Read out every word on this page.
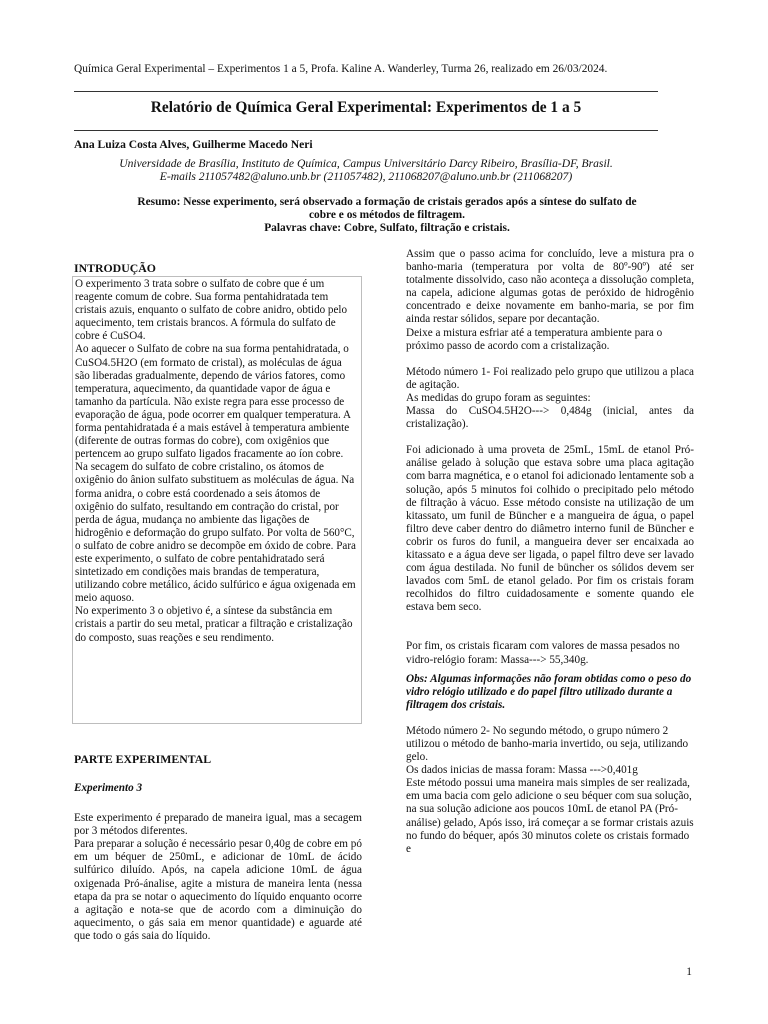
Química Geral Experimental – Experimentos 1 a 5, Profa. Kaline A. Wanderley, Turma 26, realizado em 26/03/2024.
Relatório de Química Geral Experimental: Experimentos de 1 a 5
Ana Luiza Costa Alves, Guilherme Macedo Neri
Universidade de Brasília, Instituto de Química, Campus Universitário Darcy Ribeiro, Brasília-DF, Brasil.
E-mails 211057482@aluno.unb.br (211057482), 211068207@aluno.unb.br (211068207)
Resumo: Nesse experimento, será observado a formação de cristais gerados após a síntese do sulfato de
cobre e os métodos de filtragem.
Palavras chave: Cobre, Sulfato, filtração e cristais.
INTRODUÇÃO

O experimento 3 trata sobre o sulfato de cobre que é um reagente comum de cobre. Sua forma pentahidratada tem cristais azuis, enquanto o sulfato de cobre anidro, obtido pelo aquecimento, tem cristais brancos. A fórmula do sulfato de cobre é CuSO4.

Ao aquecer o Sulfato de cobre na sua forma pentahidratada, o CuSO4.5H2O (em formato de cristal), as moléculas de água são liberadas gradualmente, dependo de vários fatores, como temperatura, aquecimento, da quantidade vapor de água e tamanho da partícula. Não existe regra para esse processo de evaporação de água, pode ocorrer em qualquer temperatura. A forma pentahidratada é a mais estável à temperatura ambiente (diferente de outras formas do cobre), com oxigênios que pertencem ao grupo sulfato ligados fracamente ao íon cobre.

Na secagem do sulfato de cobre cristalino, os átomos de oxigênio do ânion sulfato substituem as moléculas de água. Na forma anidra, o cobre está coordenado a seis átomos de oxigênio do sulfato, resultando em contração do cristal, por perda de água, mudança no ambiente das ligações de hidrogênio e deformação do grupo sulfato. Por volta de 560°C, o sulfato de cobre anidro se decompõe em óxido de cobre. Para este experimento, o sulfato de cobre pentahidratado será sintetizado em condições mais brandas de temperatura, utilizando cobre metálico, ácido sulfúrico e água oxigenada em meio aquoso.

No experimento 3 o objetivo é, a síntese da substância em cristais a partir do seu metal, praticar a filtração e cristalização do composto, suas reações e seu rendimento.

PARTE EXPERIMENTAL
Experimento 3

Este experimento é preparado de maneira igual, mas a secagem por 3 métodos diferentes.

Para preparar a solução é necessário pesar 0,40g de cobre em pó em um béquer de 250mL, e adicionar de 10mL de ácido sulfúrico diluído. Após, na capela adicione 10mL de água oxigenada Pró-ánalise, agite a mistura de maneira lenta (nessa etapa da pra se notar o aquecimento do líquido enquanto ocorre a agitação e nota-se que de acordo com a diminuição do aquecimento, o gás saia em menor quantidade) e aguarde até que todo o gás saia do líquido.

Assim que o passo acima for concluído, leve a mistura pra o banho-maria (temperatura por volta de 80º-90º) até ser totalmente dissolvido, caso não aconteça a dissolução completa, na capela, adicione algumas gotas de peróxido de hidrogênio concentrado e deixe novamente em banho-maria, se por fim ainda restar sólidos, separe por decantação.

Deixe a mistura esfriar até a temperatura ambiente para o próximo passo de acordo com a cristalização.

Método número 1- Foi realizado pelo grupo que utilizou a placa de agitação.

As medidas do grupo foram as seguintes:

Massa do CuSO4.5H2O---> 0,484g (inicial, antes da cristalização).

Foi adicionado à uma proveta de 25mL, 15mL de etanol Pró-análise gelado à solução que estava sobre uma placa agitação com barra magnética, e o etanol foi adicionado lentamente sob a solução, após 5 minutos foi colhido o precipitado pelo método de filtração à vácuo. Esse método consiste na utilização de um kitassato, um funil de Büncher e a mangueira de água, o papel filtro deve caber dentro do diâmetro interno funil de Büncher e cobrir os furos do funil, a mangueira dever ser encaixada ao kitassato e a água deve ser ligada, o papel filtro deve ser lavado com água destilada. No funil de büncher os sólidos devem ser lavados com 5mL de etanol gelado. Por fim os cristais foram recolhidos do filtro cuidadosamente e somente quando ele estava bem seco.

Por fim, os cristais ficaram com valores de massa pesados no vidro-relógio foram: Massa---> 55,340g.

Obs: Algumas informações não foram obtidas como o peso do vidro relógio utilizado e do papel filtro utilizado durante a filtragem dos cristais.

Método número 2- No segundo método, o grupo número 2 utilizou o método de banho-maria invertido, ou seja, utilizando gelo.

Os dados inicias de massa foram: Massa --->0,401g

Este método possui uma maneira mais simples de ser realizada, em uma bacia com gelo adicione o seu béquer com sua solução, na sua solução adicione aos poucos 10mL de etanol PA (Pró-análise) gelado, Após isso, irá começar a se formar cristais azuis no fundo do béquer, após 30 minutos colete os cristais formado e

1
